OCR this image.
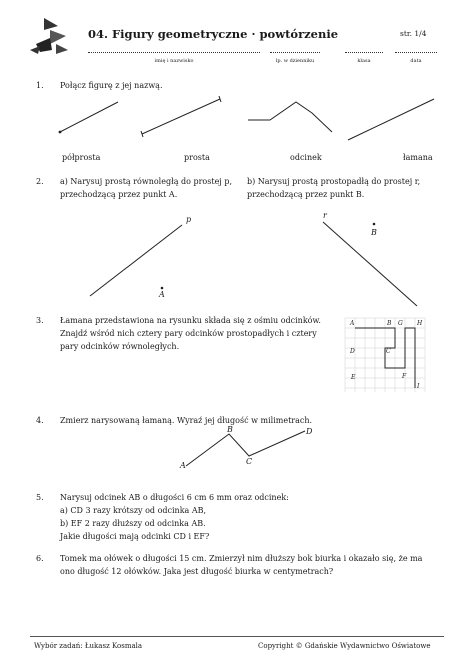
04. Figury geometryczne · powtórzenie	str. 1/4
imię i nazwisko	lp. w dzienniku	klasa	data
1. Połącz figurę z jej nazwą.
półprosta	prosta	odcinek	łamana
2. a) Narysuj prostą równoległą do prostej p, przechodzącą przez punkt A.
b) Narysuj prostą prostopadłą do prostej r, przechodzącą przez punkt B.
p
A
r
B
3. Łamana przedstawiona na rysunku składa się z ośmiu odcinków. Znajdź wśród nich cztery pary odcinków prostopadłych i cztery pary odcinków równoległych.
A	B G H
D	C
E	F
I
4. Zmierz narysowaną łamaną. Wyraź jej długość w milimetrach.
A
B
C
D
5. Narysuj odcinek AB o długości 6 cm 6 mm oraz odcinek:
a) CD 3 razy krótszy od odcinka AB,
b) EF 2 razy dłuższy od odcinka AB.
Jakie długości mają odcinki CD i EF?
6. Tomek ma ołówek o długości 15 cm. Zmierzył nim dłuższy bok biurka i okazało się, że ma
ono długość 12 ołówków. Jaka jest długość biurka w centymetrach?
Wybór zadań: Łukasz Kosmala	Copyright © Gdańskie Wydawnictwo Oświatowe
